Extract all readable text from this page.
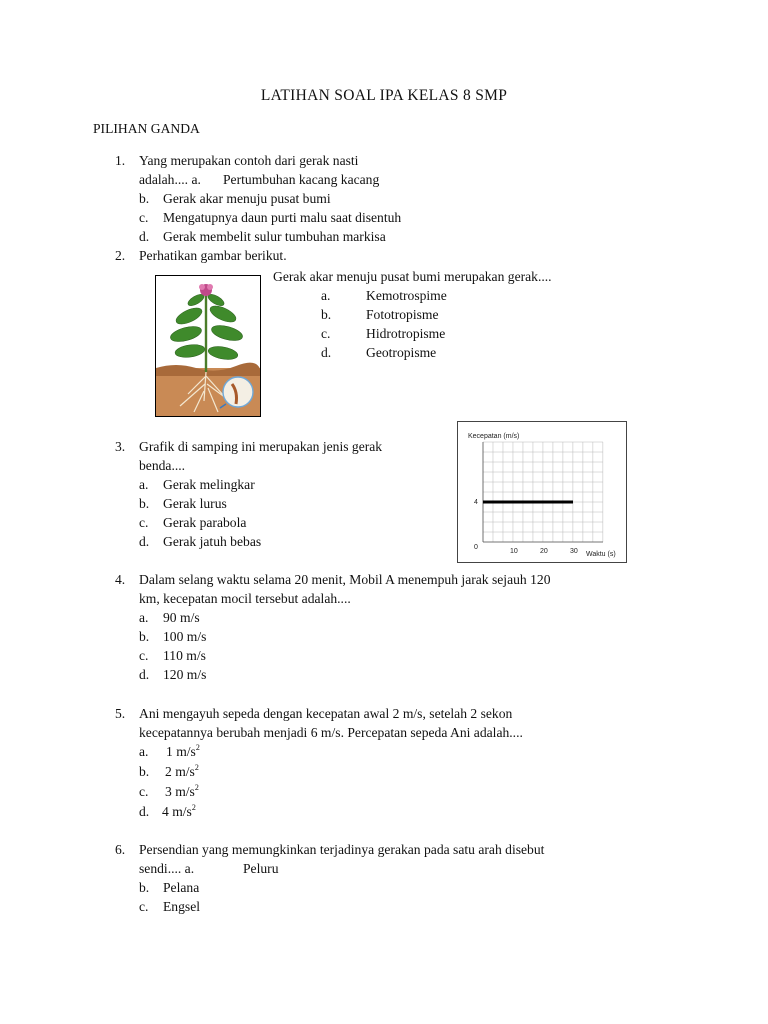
LATIHAN SOAL IPA KELAS 8 SMP
PILIHAN GANDA
1. Yang merupakan contoh dari gerak nasti
adalah.... a. Pertumbuhan kacang kacang
b. Gerak akar menuju pusat bumi
c. Mengatupnya daun purti malu saat disentuh
d. Gerak membelit sulur tumbuhan markisa
2. Perhatikan gambar berikut.
Gerak akar menuju pusat bumi merupakan gerak....
a.	Kemotrospime
b.	Fototropisme
c.	Hidrotropisme
d.	Geotropisme
3. Grafik di samping ini merupakan jenis gerak
benda....
a. Gerak melingkar
b. Gerak lurus
c. Gerak parabola
d. Gerak jatuh bebas
Kecepatan (m/s)
Waktu (s)
0
4
10	20	30
4. Dalam selang waktu selama 20 menit, Mobil A menempuh jarak sejauh 120
km, kecepatan mocil tersebut adalah....
a. 90 m/s
b. 100 m/s
c. 110 m/s
d. 120 m/s
5. Ani mengayuh sepeda dengan kecepatan awal 2 m/s, setelah 2 sekon
kecepatannya berubah menjadi 6 m/s. Percepatan sepeda Ani adalah....
a. 1 $m/s^2$
b. 2 $m/s^2$
c. 3 $m/s^2$
d. 4 $m/s^2$
6. Persendian yang memungkinkan terjadinya gerakan pada satu arah disebut
sendi.... a.	Peluru
b. Pelana
c. Engsel
